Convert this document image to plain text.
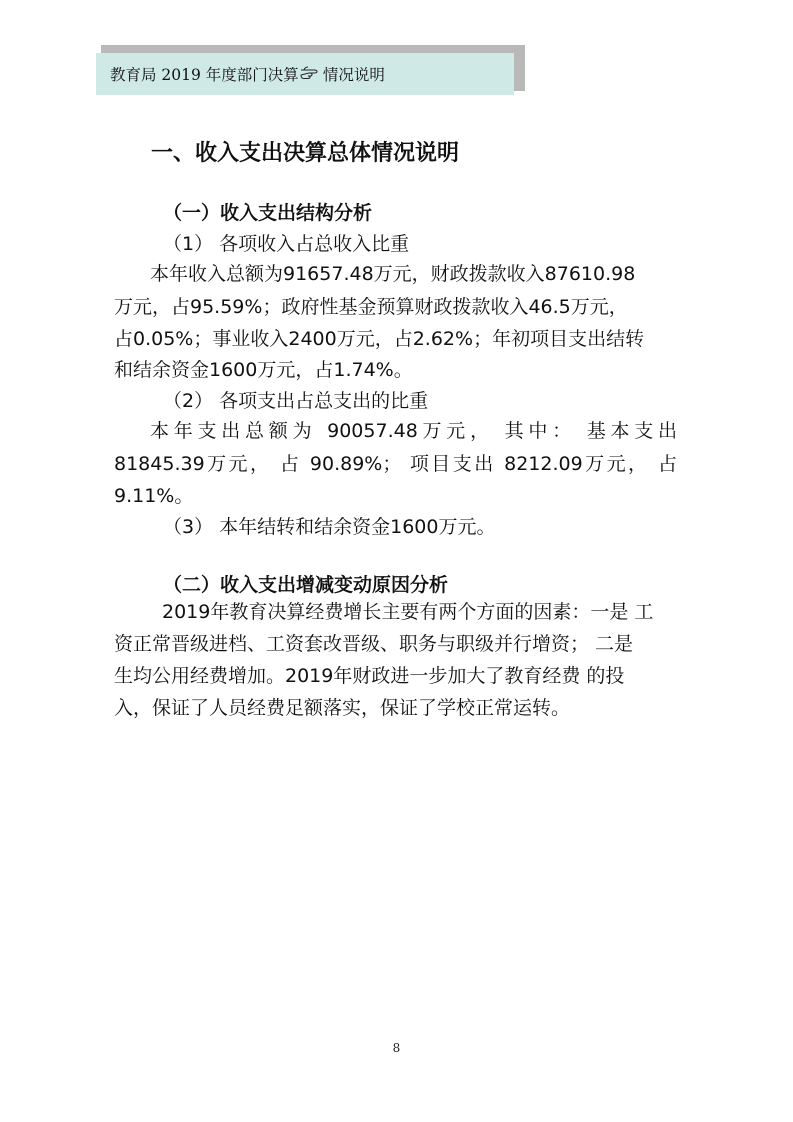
教育局 2019 年度部门决算 情况说明
一、收入支出决算总体情况说明
（一）收入支出结构分析
（1） 各项收入占总收入比重
本年收入总额为91657.48万元，财政拨款收入87610.98
万元，占95.59%；政府性基金预算财政拨款收入46.5万元，
占0.05%；事业收入2400万元，占2.62%；年初项目支出结转
和结余资金1600万元，占1.74%。
（2） 各项支出占总支出的比重
本年支出总额为 90057.48万元， 其中： 基本支出
81845.39万元， 占 90.89%； 项目支出 8212.09万元， 占
9.11%。
（3） 本年结转和结余资金1600万元。
（二）收入支出增减变动原因分析
2019年教育决算经费增长主要有两个方面的因素：一是 工
资正常晋级进档、工资套改晋级、职务与职级并行增资； 二是
生均公用经费增加。2019年财政进一步加大了教育经费 的投
入，保证了人员经费足额落实，保证了学校正常运转。
8
